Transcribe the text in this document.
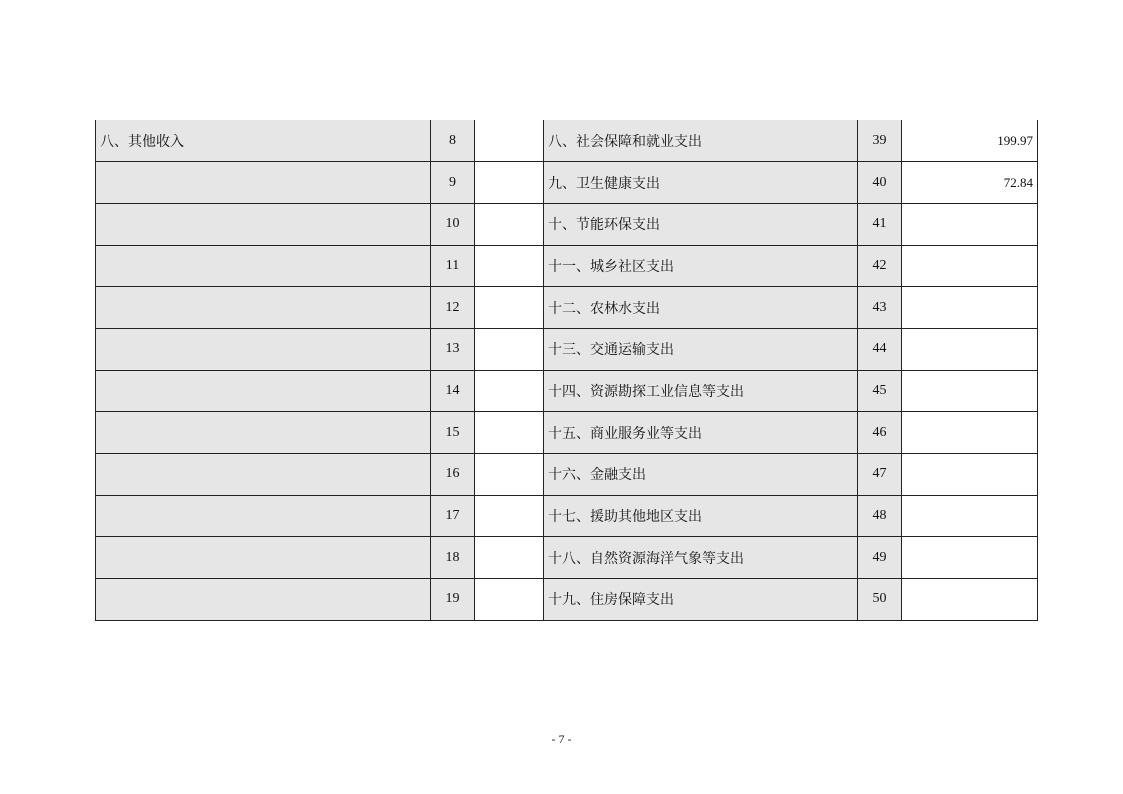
八、其他收入	8		八、社会保障和就业支出	39	199.97
	9		九、卫生健康支出	40	72.84
	10		十、节能环保支出	41	
	11		十一、城乡社区支出	42	
	12		十二、农林水支出	43	
	13		十三、交通运输支出	44	
	14		十四、资源勘探工业信息等支出	45	
	15		十五、商业服务业等支出	46	
	16		十六、金融支出	47	
	17		十七、援助其他地区支出	48	
	18		十八、自然资源海洋气象等支出	49	
	19		十九、住房保障支出	50	
- 7 -
